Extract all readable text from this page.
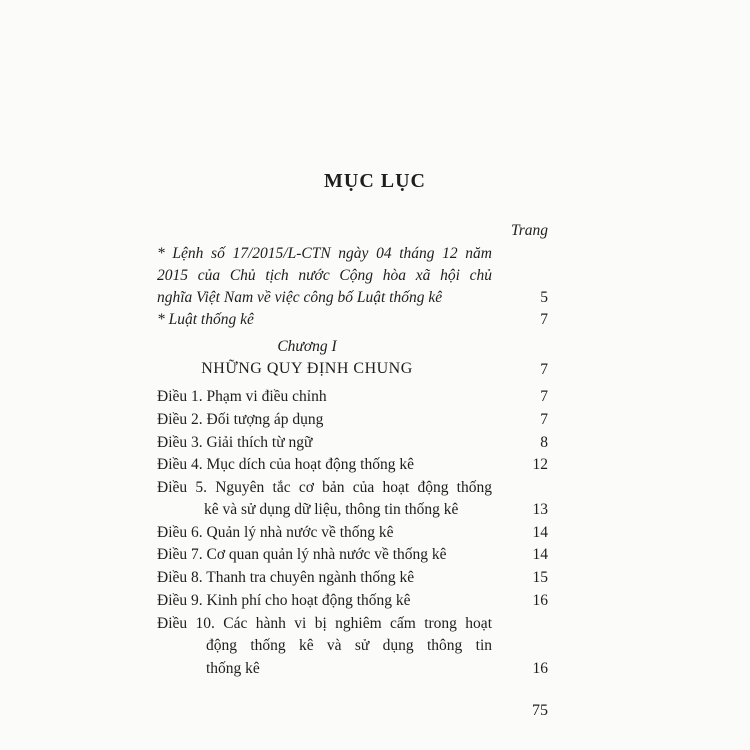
MỤC LỤC
Trang
* Lệnh số 17/2015/L-CTN ngày 04 tháng 12 năm
2015 của Chủ tịch nước Cộng hòa xã hội chủ
nghĩa Việt Nam về việc công bố Luật thống kê	5
* Luật thống kê	7
Chương I
NHỮNG QUY ĐỊNH CHUNG	7
Điều 1. Phạm vi điều chỉnh	7
Điều 2. Đối tượng áp dụng	7
Điều 3. Giải thích từ ngữ	8
Điều 4. Mục dích của hoạt động thống kê	12
Điều 5. Nguyên tắc cơ bản của hoạt động thống
kê và sử dụng dữ liệu, thông tin thống kê	13
Điều 6. Quản lý nhà nước về thống kê	14
Điều 7. Cơ quan quản lý nhà nước về thống kê	14
Điều 8. Thanh tra chuyên ngành thống kê	15
Điều 9. Kinh phí cho hoạt động thống kê	16
Điều 10. Các hành vi bị nghiêm cấm trong hoạt
động thống kê và sử dụng thông tin
thống kê	16
75
